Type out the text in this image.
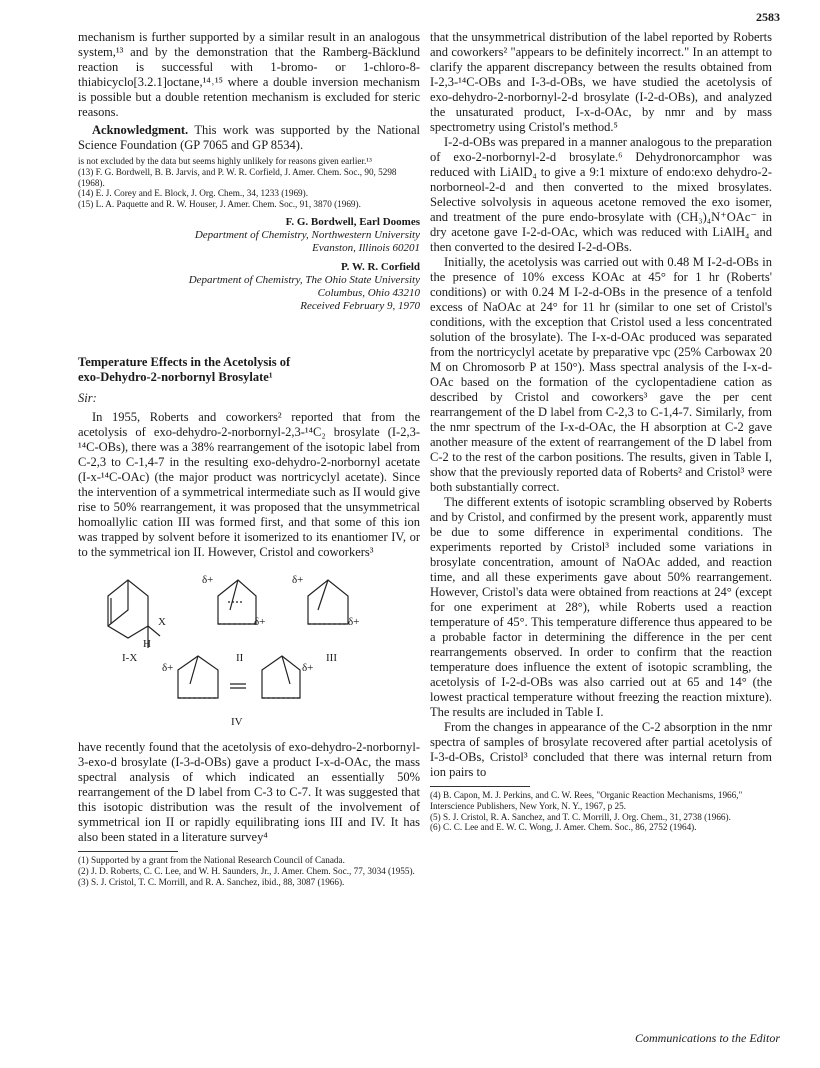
2583

mechanism is further supported by a similar result in an analogous system,¹³ and by the demonstration that the Ramberg-Bäcklund reaction is successful with 1-bromo- or 1-chloro-8-thiabicyclo[3.2.1]octane,¹⁴˒¹⁵ where a double inversion mechanism is possible but a double retention mechanism is excluded for steric reasons.

Acknowledgment. This work was supported by the National Science Foundation (GP 7065 and GP 8534).

is not excluded by the data but seems highly unlikely for reasons given earlier.¹³

(13) F. G. Bordwell, B. B. Jarvis, and P. W. R. Corfield, J. Amer. Chem. Soc., 90, 5298 (1968).

(14) E. J. Corey and E. Block, J. Org. Chem., 34, 1233 (1969).

(15) L. A. Paquette and R. W. Houser, J. Amer. Chem. Soc., 91, 3870 (1969).

F. G. Bordwell, Earl Doomes
Department of Chemistry, Northwestern University
Evanston, Illinois 60201
P. W. R. Corfield
Department of Chemistry, The Ohio State University
Columbus, Ohio 43210
Received February 9, 1970
Temperature Effects in the Acetolysis of
exo-Dehydro-2-norbornyl Brosylate¹
Sir:

In 1955, Roberts and coworkers² reported that from the acetolysis of exo-dehydro-2-norbornyl-2,3-¹⁴C₂ brosylate (I-2,3-¹⁴C-OBs), there was a 38% rearrangement of the isotopic label from C-2,3 to C-1,4-7 in the resulting exo-dehydro-2-norbornyl acetate (I-x-¹⁴C-OAc) (the major product was nortricyclyl acetate). Since the intervention of a symmetrical intermediate such as II would give rise to 50% rearrangement, it was proposed that the unsymmetrical homoallylic cation III was formed first, and that some of this ion was trapped by solvent before it isomerized to its enantiomer IV, or to the symmetrical ion II. However, Cristol and coworkers³

I-X
X
H
II	III
IV
δ+
δ+
δ+
δ+
δ+	δ+

have recently found that the acetolysis of exo-dehydro-2-norbornyl-3-exo-d brosylate (I-3-d-OBs) gave a product I-x-d-OAc, the mass spectral analysis of which indicated an essentially 50% rearrangement of the D label from C-3 to C-7. It was suggested that this isotopic distribution was the result of the involvement of symmetrical ion II or rapidly equilibrating ions III and IV. It has also been stated in a literature survey⁴

(1) Supported by a grant from the National Research Council of Canada.

(2) J. D. Roberts, C. C. Lee, and W. H. Saunders, Jr., J. Amer. Chem. Soc., 77, 3034 (1955).

(3) S. J. Cristol, T. C. Morrill, and R. A. Sanchez, ibid., 88, 3087 (1966).

that the unsymmetrical distribution of the label reported by Roberts and coworkers² "appears to be definitely incorrect." In an attempt to clarify the apparent discrepancy between the results obtained from I-2,3-¹⁴C-OBs and I-3-d-OBs, we have studied the acetolysis of exo-dehydro-2-norbornyl-2-d brosylate (I-2-d-OBs), and analyzed the unsaturated product, I-x-d-OAc, by nmr and by mass spectrometry using Cristol's method.⁵

I-2-d-OBs was prepared in a manner analogous to the preparation of exo-2-norbornyl-2-d brosylate.⁶ Dehydronorcamphor was reduced with LiAlD₄ to give a 9:1 mixture of endo:exo dehydro-2-norborneol-2-d and then converted to the mixed brosylates. Selective solvolysis in aqueous acetone removed the exo isomer, and treatment of the pure endo-brosylate with (CH₃)₄N⁺OAc⁻ in dry acetone gave I-2-d-OAc, which was reduced with LiAlH₄ and then converted to the desired I-2-d-OBs.

Initially, the acetolysis was carried out with 0.48 M I-2-d-OBs in the presence of 10% excess KOAc at 45° for 1 hr (Roberts' conditions) or with 0.24 M I-2-d-OBs in the presence of a tenfold excess of NaOAc at 24° for 11 hr (similar to one set of Cristol's conditions, with the exception that Cristol used a less concentrated solution of the brosylate). The I-x-d-OAc produced was separated from the nortricyclyl acetate by preparative vpc (25% Carbowax 20 M on Chromosorb P at 150°). Mass spectral analysis of the I-x-d-OAc based on the formation of the cyclopentadiene cation as described by Cristol and coworkers³ gave the per cent rearrangement of the D label from C-2,3 to C-1,4-7. Similarly, from the nmr spectrum of the I-x-d-OAc, the H absorption at C-2 gave another measure of the extent of rearrangement of the D label from C-2 to the rest of the carbon positions. The results, given in Table I, show that the previously reported data of Roberts² and Cristol³ were both substantially correct.

The different extents of isotopic scrambling observed by Roberts and by Cristol, and confirmed by the present work, apparently must be due to some difference in experimental conditions. The experiments reported by Cristol³ included some variations in brosylate concentration, amount of NaOAc added, and reaction time, and all these experiments gave about 50% rearrangement. However, Cristol's data were obtained from reactions at 24° (except for one experiment at 28°), while Roberts used a reaction temperature of 45°. This temperature difference thus appeared to be a probable factor in determining the difference in the per cent rearrangements observed. In order to confirm that the reaction temperature does influence the extent of isotopic scrambling, the acetolysis of I-2-d-OBs was also carried out at 65 and 14° (the lowest practical temperature without freezing the reaction mixture). The results are included in Table I.

From the changes in appearance of the C-2 absorption in the nmr spectra of samples of brosylate recovered after partial acetolysis of I-3-d-OBs, Cristol³ concluded that there was internal return from ion pairs to

(4) B. Capon, M. J. Perkins, and C. W. Rees, "Organic Reaction Mechanisms, 1966," Interscience Publishers, New York, N. Y., 1967, p 25.

(5) S. J. Cristol, R. A. Sanchez, and T. C. Morrill, J. Org. Chem., 31, 2738 (1966).

(6) C. C. Lee and E. W. C. Wong, J. Amer. Chem. Soc., 86, 2752 (1964).

Communications to the Editor
